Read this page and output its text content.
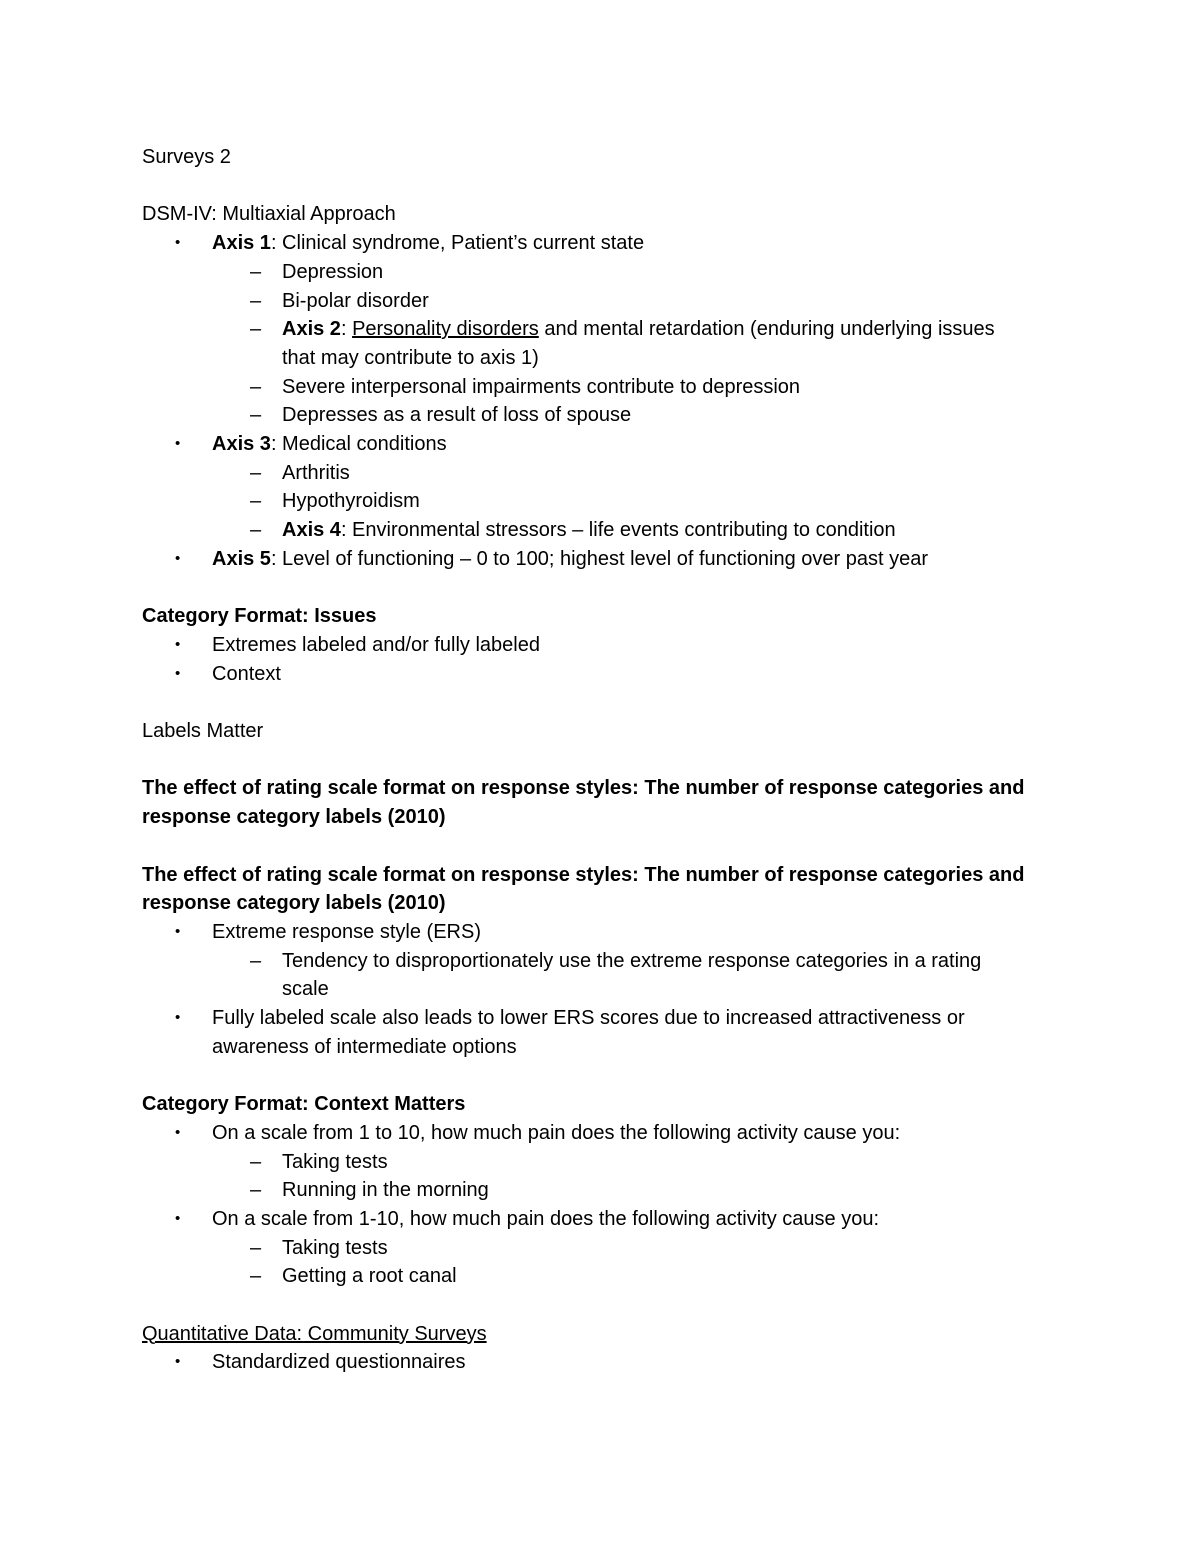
Surveys 2
DSM-IV: Multiaxial Approach
• Axis 1: Clinical syndrome, Patient’s current state
– Depression
– Bi-polar disorder
– Axis 2: Personality disorders and mental retardation (enduring underlying issues
that may contribute to axis 1)
– Severe interpersonal impairments contribute to depression
– Depresses as a result of loss of spouse
• Axis 3: Medical conditions
– Arthritis
– Hypothyroidism
– Axis 4: Environmental stressors – life events contributing to condition
• Axis 5: Level of functioning – 0 to 100; highest level of functioning over past year
Category Format: Issues
• Extremes labeled and/or fully labeled
• Context
Labels Matter
The effect of rating scale format on response styles: The number of response categories and
response category labels (2010)
The effect of rating scale format on response styles: The number of response categories and
response category labels (2010)
• Extreme response style (ERS)
– Tendency to disproportionately use the extreme response categories in a rating
scale
• Fully labeled scale also leads to lower ERS scores due to increased attractiveness or
awareness of intermediate options
Category Format: Context Matters
• On a scale from 1 to 10, how much pain does the following activity cause you:
– Taking tests
– Running in the morning
• On a scale from 1-10, how much pain does the following activity cause you:
– Taking tests
– Getting a root canal
Quantitative Data: Community Surveys
• Standardized questionnaires
